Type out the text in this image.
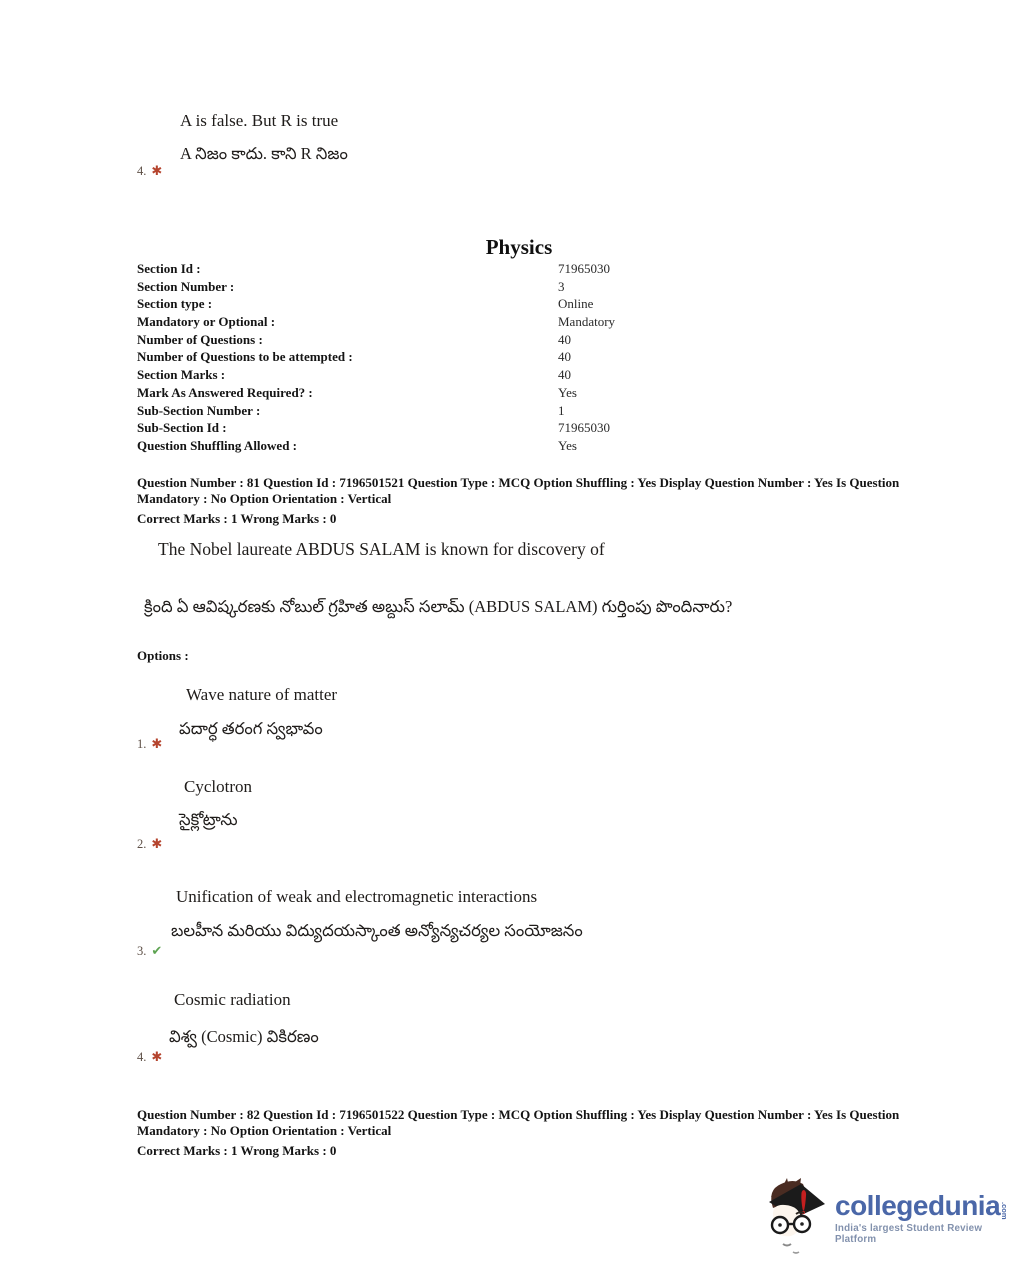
A is false. But R is true
A నిజం కాదు. కాని R నిజం
4. ✱
Physics
Section Id :	71965030
Section Number :	3
Section type :	Online
Mandatory or Optional :	Mandatory
Number of Questions :	40
Number of Questions to be attempted :	40
Section Marks :	40
Mark As Answered Required? :	Yes
Sub-Section Number :	1
Sub-Section Id :	71965030
Question Shuffling Allowed :	Yes

Question Number : 81 Question Id : 7196501521 Question Type : MCQ Option Shuffling : Yes Display Question Number : Yes Is Question Mandatory : No Option Orientation : Vertical

Correct Marks : 1 Wrong Marks : 0

The Nobel laureate ABDUS SALAM is known for discovery of
క్రింది ఏ ఆవిష్కరణకు నోబుల్ గ్రహిత అబ్దుస్ సలామ్ (ABDUS SALAM) గుర్తింపు పొందినారు?
Options :
Wave nature of matter
పదార్ధ తరంగ స్వభావం
1. ✱
Cyclotron
సైక్లోట్రాను
2. ✱
Unification of weak and electromagnetic interactions
బలహీన మరియు విద్యుదయస్కాంత అన్యోన్యచర్యల సంయోజనం
3. ✔
Cosmic radiation
విశ్వ (Cosmic) వికిరణం
4. ✱

Question Number : 82 Question Id : 7196501522 Question Type : MCQ Option Shuffling : Yes Display Question Number : Yes Is Question Mandatory : No Option Orientation : Vertical

Correct Marks : 1 Wrong Marks : 0

collegedunia .com
India's largest Student Review Platform
